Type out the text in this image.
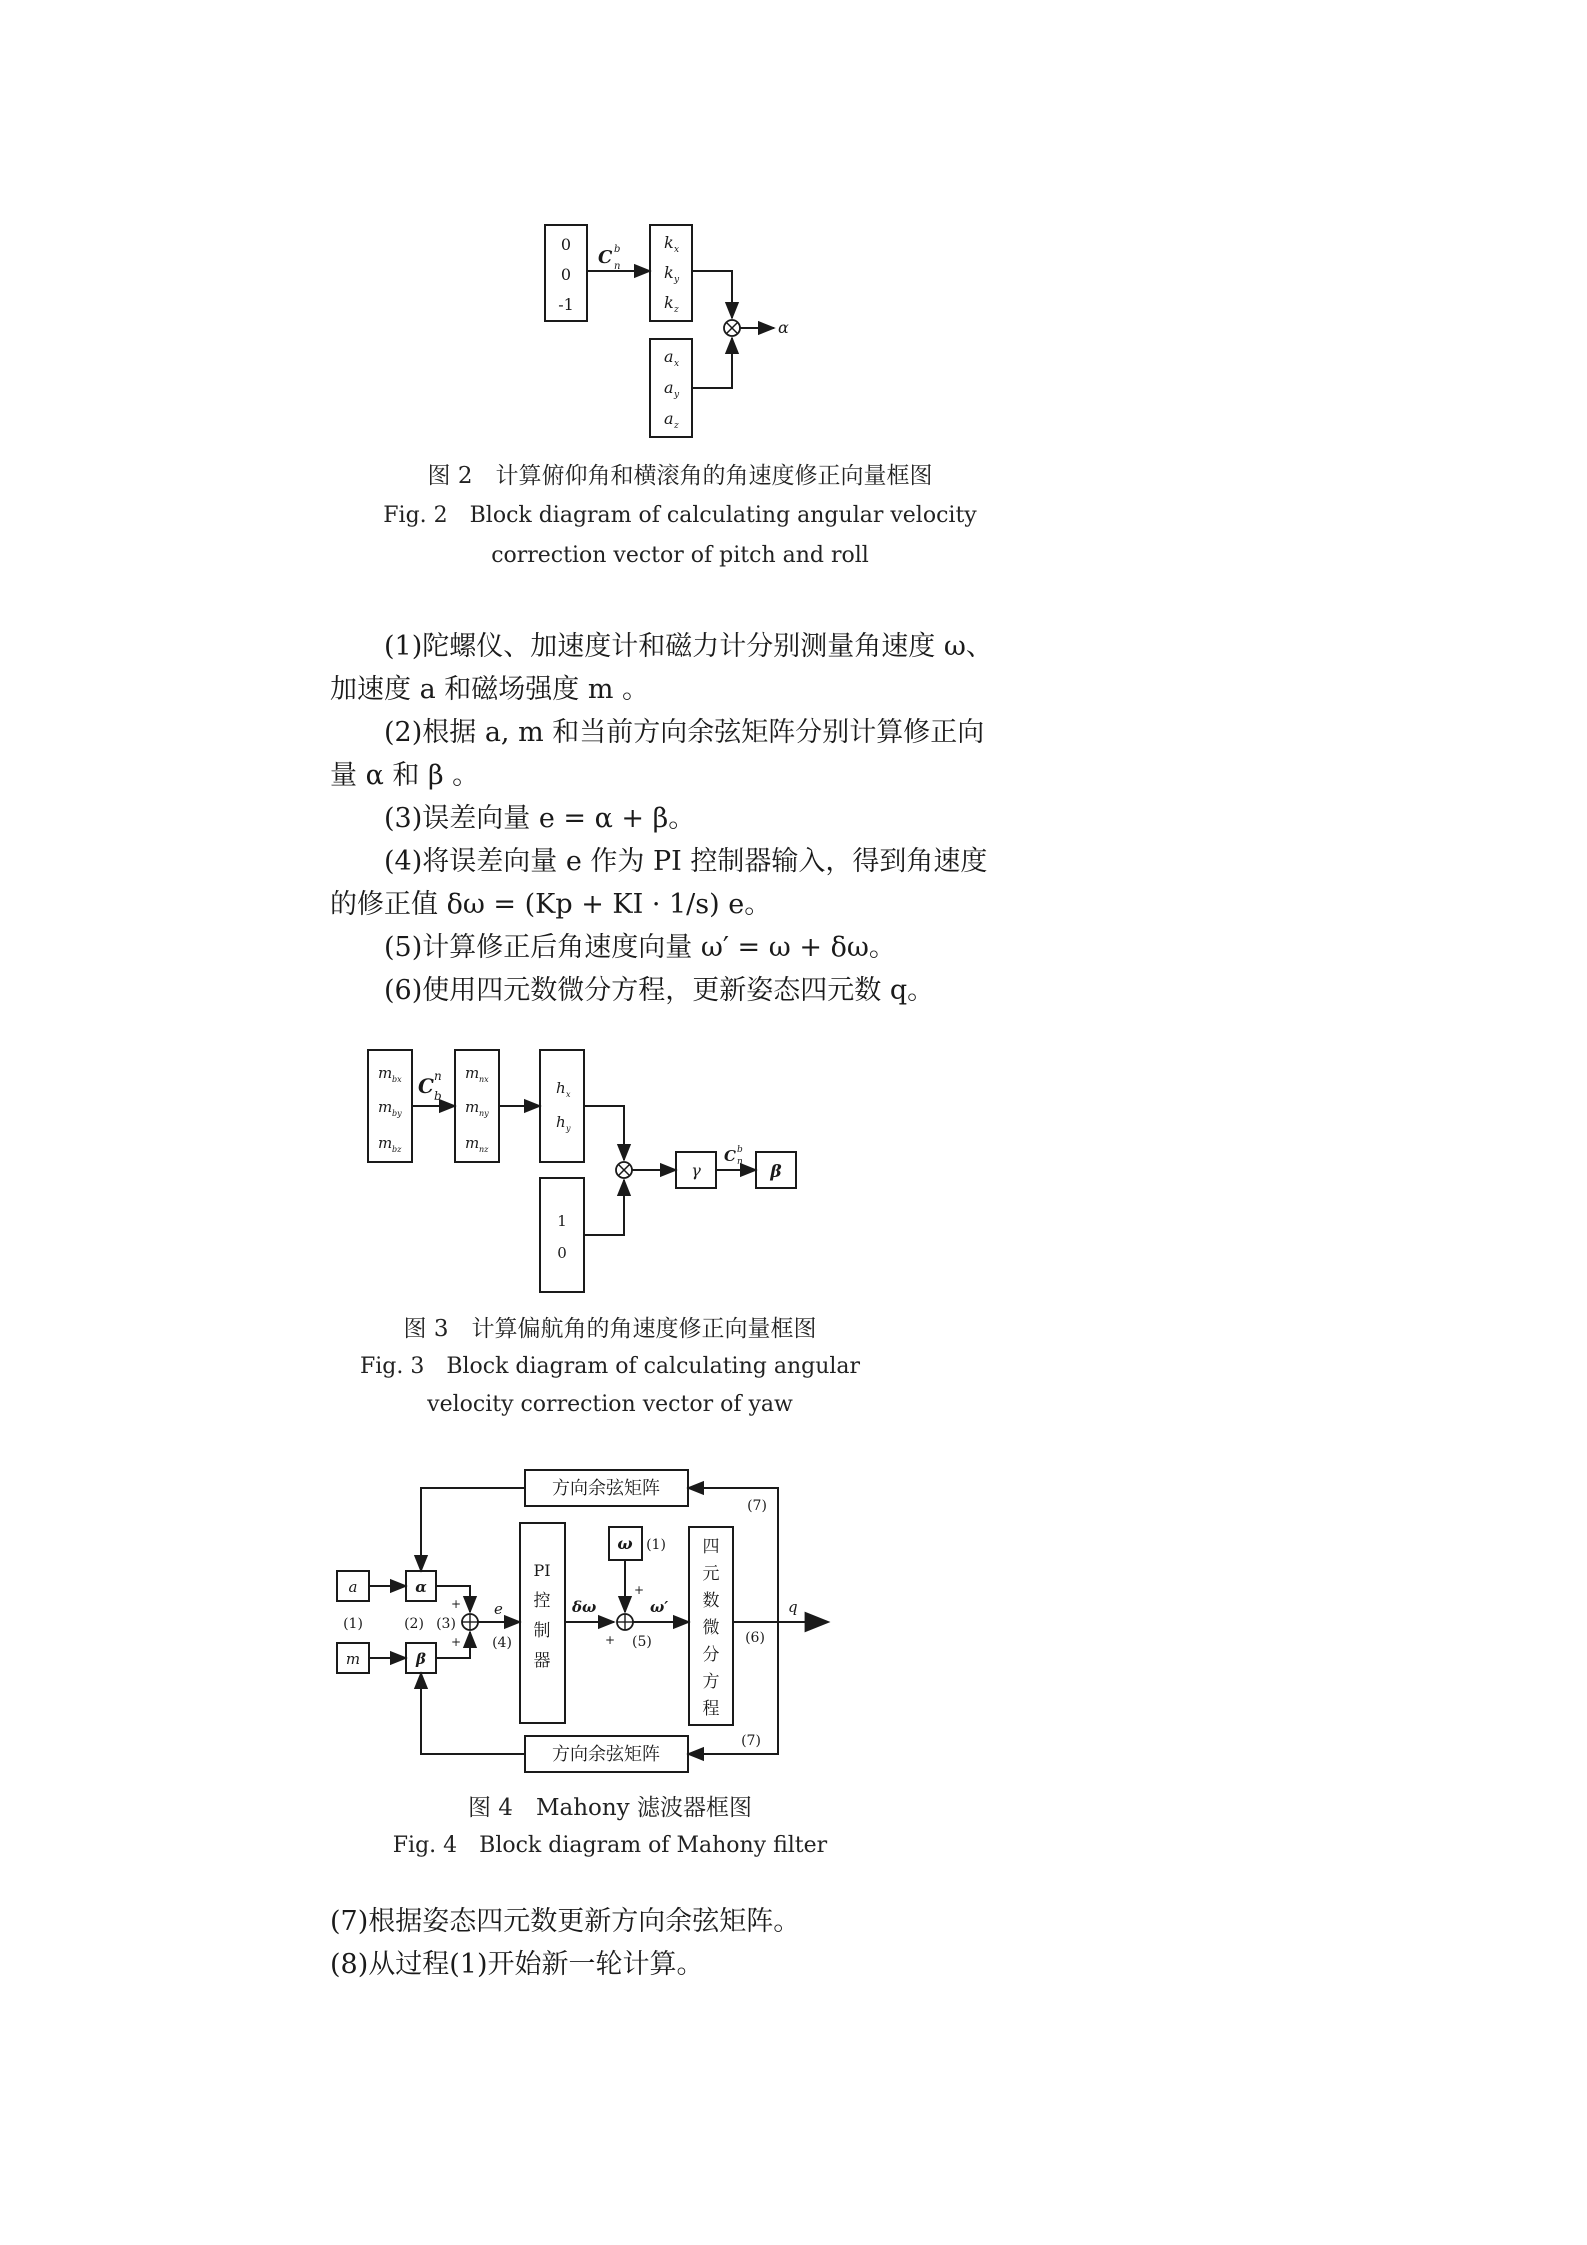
0
0
-1
C b
n
k x
k y
k z
a x
a y
a z
α
图 2　计算俯仰角和横滚角的角速度修正向量框图
Fig. 2　Block diagram of calculating angular velocity
correction vector of pitch and roll
(1)陀螺仪、加速度计和磁力计分别测量角速度 ω、
加速度 a 和磁场强度 m 。
(2)根据 a, m 和当前方向余弦矩阵分别计算修正向
量 α 和 β 。
(3)误差向量 e = α + β。
(4)将误差向量 e 作为 PI 控制器输入，得到角速度
的修正值 δω = (Kp + KI · 1/s) e。
(5)计算修正后角速度向量 ω′ = ω + δω。
(6)使用四元数微分方程，更新姿态四元数 q。
m bx
m by
m bz
C n
b
m nx
m ny
m nz
h x
h y
1
0
γ
C b
n β
图 3　计算偏航角的角速度修正向量框图
Fig. 3　Block diagram of calculating angular
velocity correction vector of yaw
方向余弦矩阵
方向余弦矩阵
a
m
(1)
α
β
(2) (3)
+
+
e
(4)
PI
控
制
器
δω
ω (1)
+
+ (5)
ω′
四
元
数
微
分
方
程
q
(6)
(7)
(7)
图 4　Mahony 滤波器框图
Fig. 4　Block diagram of Mahony filter
(7)根据姿态四元数更新方向余弦矩阵。
(8)从过程(1)开始新一轮计算。
